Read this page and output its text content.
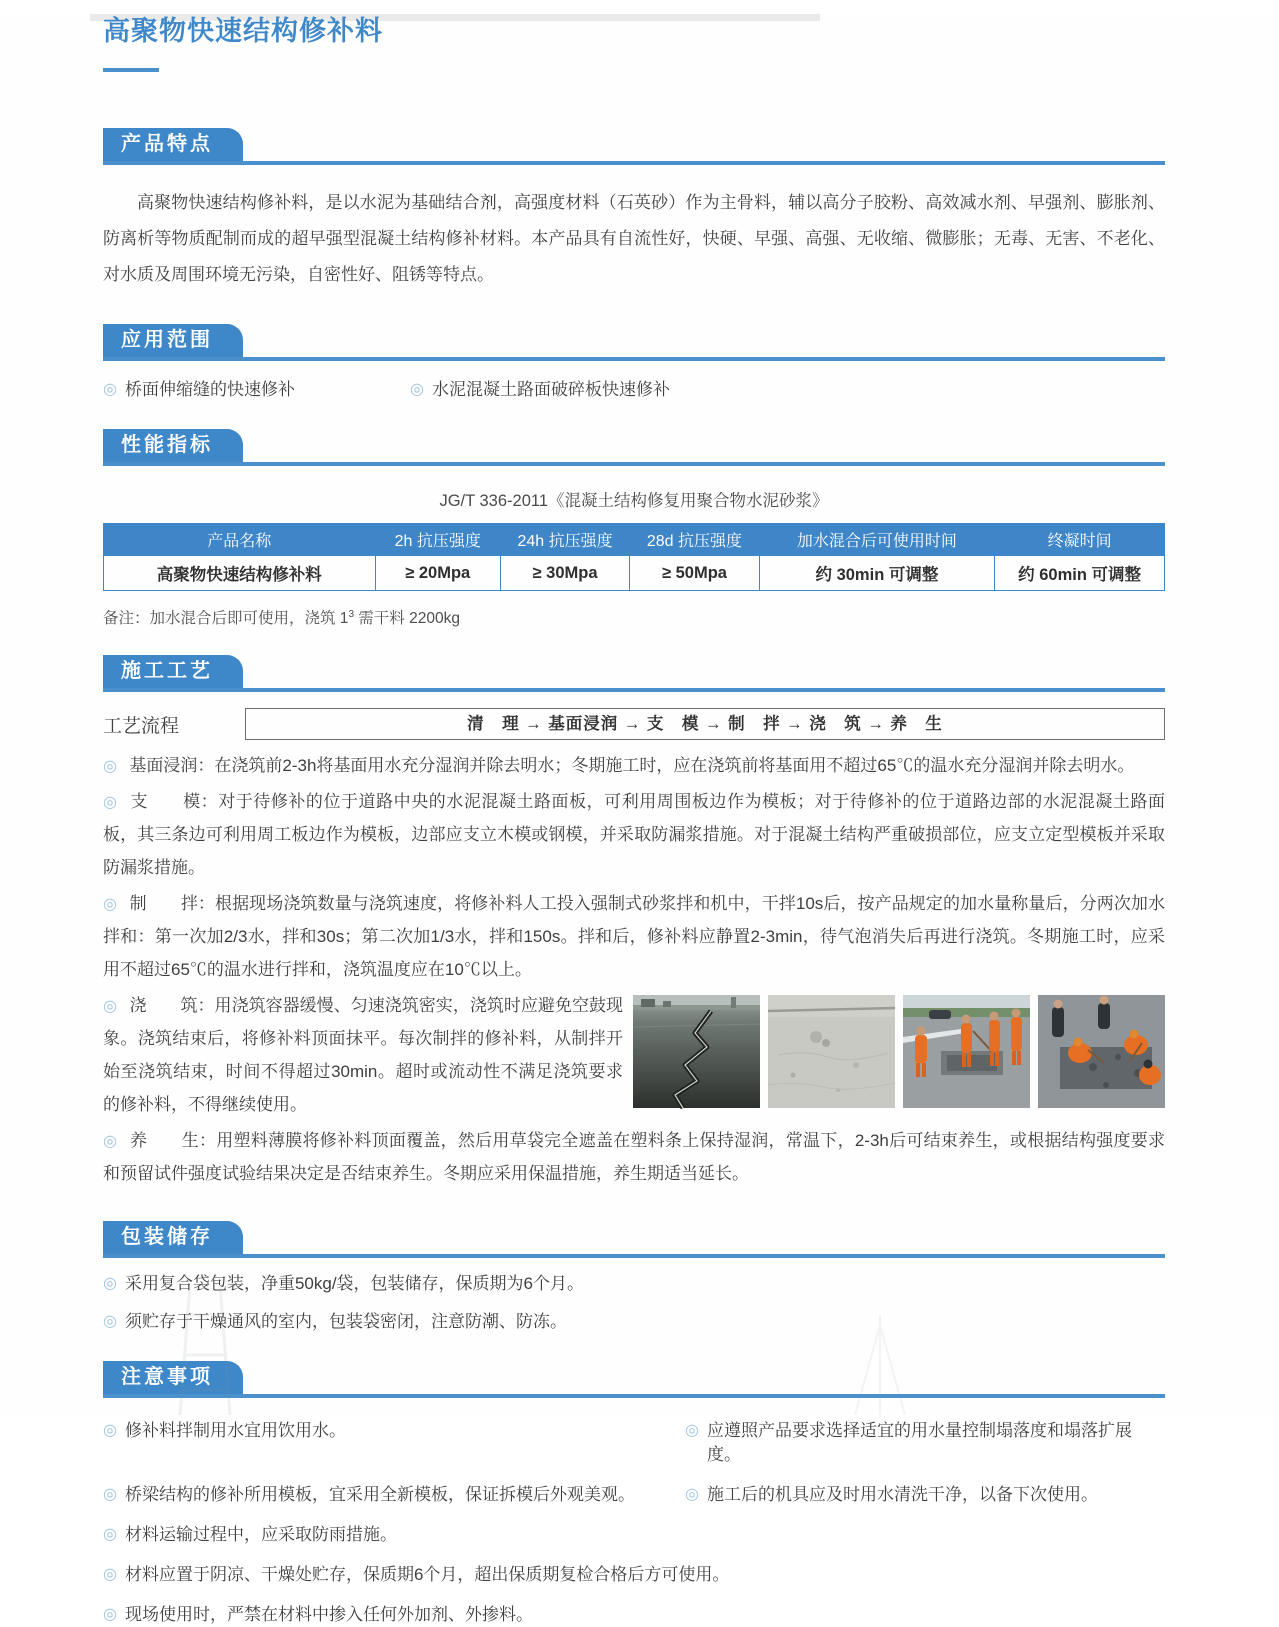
高聚物快速结构修补料
产品特点

高聚物快速结构修补料，是以水泥为基础结合剂，高强度材料（石英砂）作为主骨料，辅以高分子胶粉、高效减水剂、早强剂、膨胀剂、防离析等物质配制而成的超早强型混凝土结构修补材料。本产品具有自流性好，快硬、早强、高强、无收缩、微膨胀；无毒、无害、不老化、对水质及周围环境无污染，自密性好、阻锈等特点。

应用范围
◎ 桥面伸缩缝的快速修补	◎ 水泥混凝土路面破碎板快速修补
性能指标
JG/T 336-2011《混凝土结构修复用聚合物水泥砂浆》
产品名称	2h 抗压强度	24h 抗压强度	28d 抗压强度	加水混合后可使用时间	终凝时间
高聚物快速结构修补料	≥ 20Mpa	≥ 30Mpa	≥ 50Mpa	约 30min 可调整	约 60min 可调整
备注：加水混合后即可使用，浇筑 $1^3$ 需干料 2200kg
施工工艺
工艺流程	清　理 → 基面浸润 → 支　模 → 制　拌 → 浇　筑 → 养　生

◎ 基面浸润：在浇筑前2-3h将基面用水充分湿润并除去明水；冬期施工时，应在浇筑前将基面用不超过65℃的温水充分湿润并除去明水。

◎ 支　　模：对于待修补的位于道路中央的水泥混凝土路面板，可利用周围板边作为模板；对于待修补的位于道路边部的水泥混凝土路面板，其三条边可利用周工板边作为模板，边部应支立木模或钢模，并采取防漏浆措施。对于混凝土结构严重破损部位，应支立定型模板并采取防漏浆措施。

◎ 制　　拌：根据现场浇筑数量与浇筑速度，将修补料人工投入强制式砂浆拌和机中，干拌10s后，按产品规定的加水量称量后，分两次加水拌和：第一次加2/3水，拌和30s；第二次加1/3水，拌和150s。拌和后，修补料应静置2-3min，待气泡消失后再进行浇筑。冬期施工时，应采用不超过65℃的温水进行拌和，浇筑温度应在10℃以上。

◎ 浇　　筑：用浇筑容器缓慢、匀速浇筑密实，浇筑时应避免空鼓现象。浇筑结束后，将修补料顶面抹平。每次制拌的修补料，从制拌开始至浇筑结束，时间不得超过30min。超时或流动性不满足浇筑要求的修补料，不得继续使用。

◎ 养　　生：用塑料薄膜将修补料顶面覆盖，然后用草袋完全遮盖在塑料条上保持湿润，常温下，2-3h后可结束养生，或根据结构强度要求和预留试件强度试验结果决定是否结束养生。冬期应采用保温措施，养生期适当延长。

包装储存
◎ 采用复合袋包装，净重50kg/袋，包装储存，保质期为6个月。
◎ 须贮存于干燥通风的室内，包装袋密闭，注意防潮、防冻。
注意事项
◎ 修补料拌制用水宜用饮用水。	◎ 应遵照产品要求选择适宜的用水量控制塌落度和塌落扩展度。
◎ 桥梁结构的修补所用模板，宜采用全新模板，保证拆模后外观美观。	◎ 施工后的机具应及时用水清洗干净，以备下次使用。
◎ 材料运输过程中，应采取防雨措施。
◎ 材料应置于阴凉、干燥处贮存，保质期6个月，超出保质期复检合格后方可使用。
◎ 现场使用时，严禁在材料中掺入任何外加剂、外掺料。
